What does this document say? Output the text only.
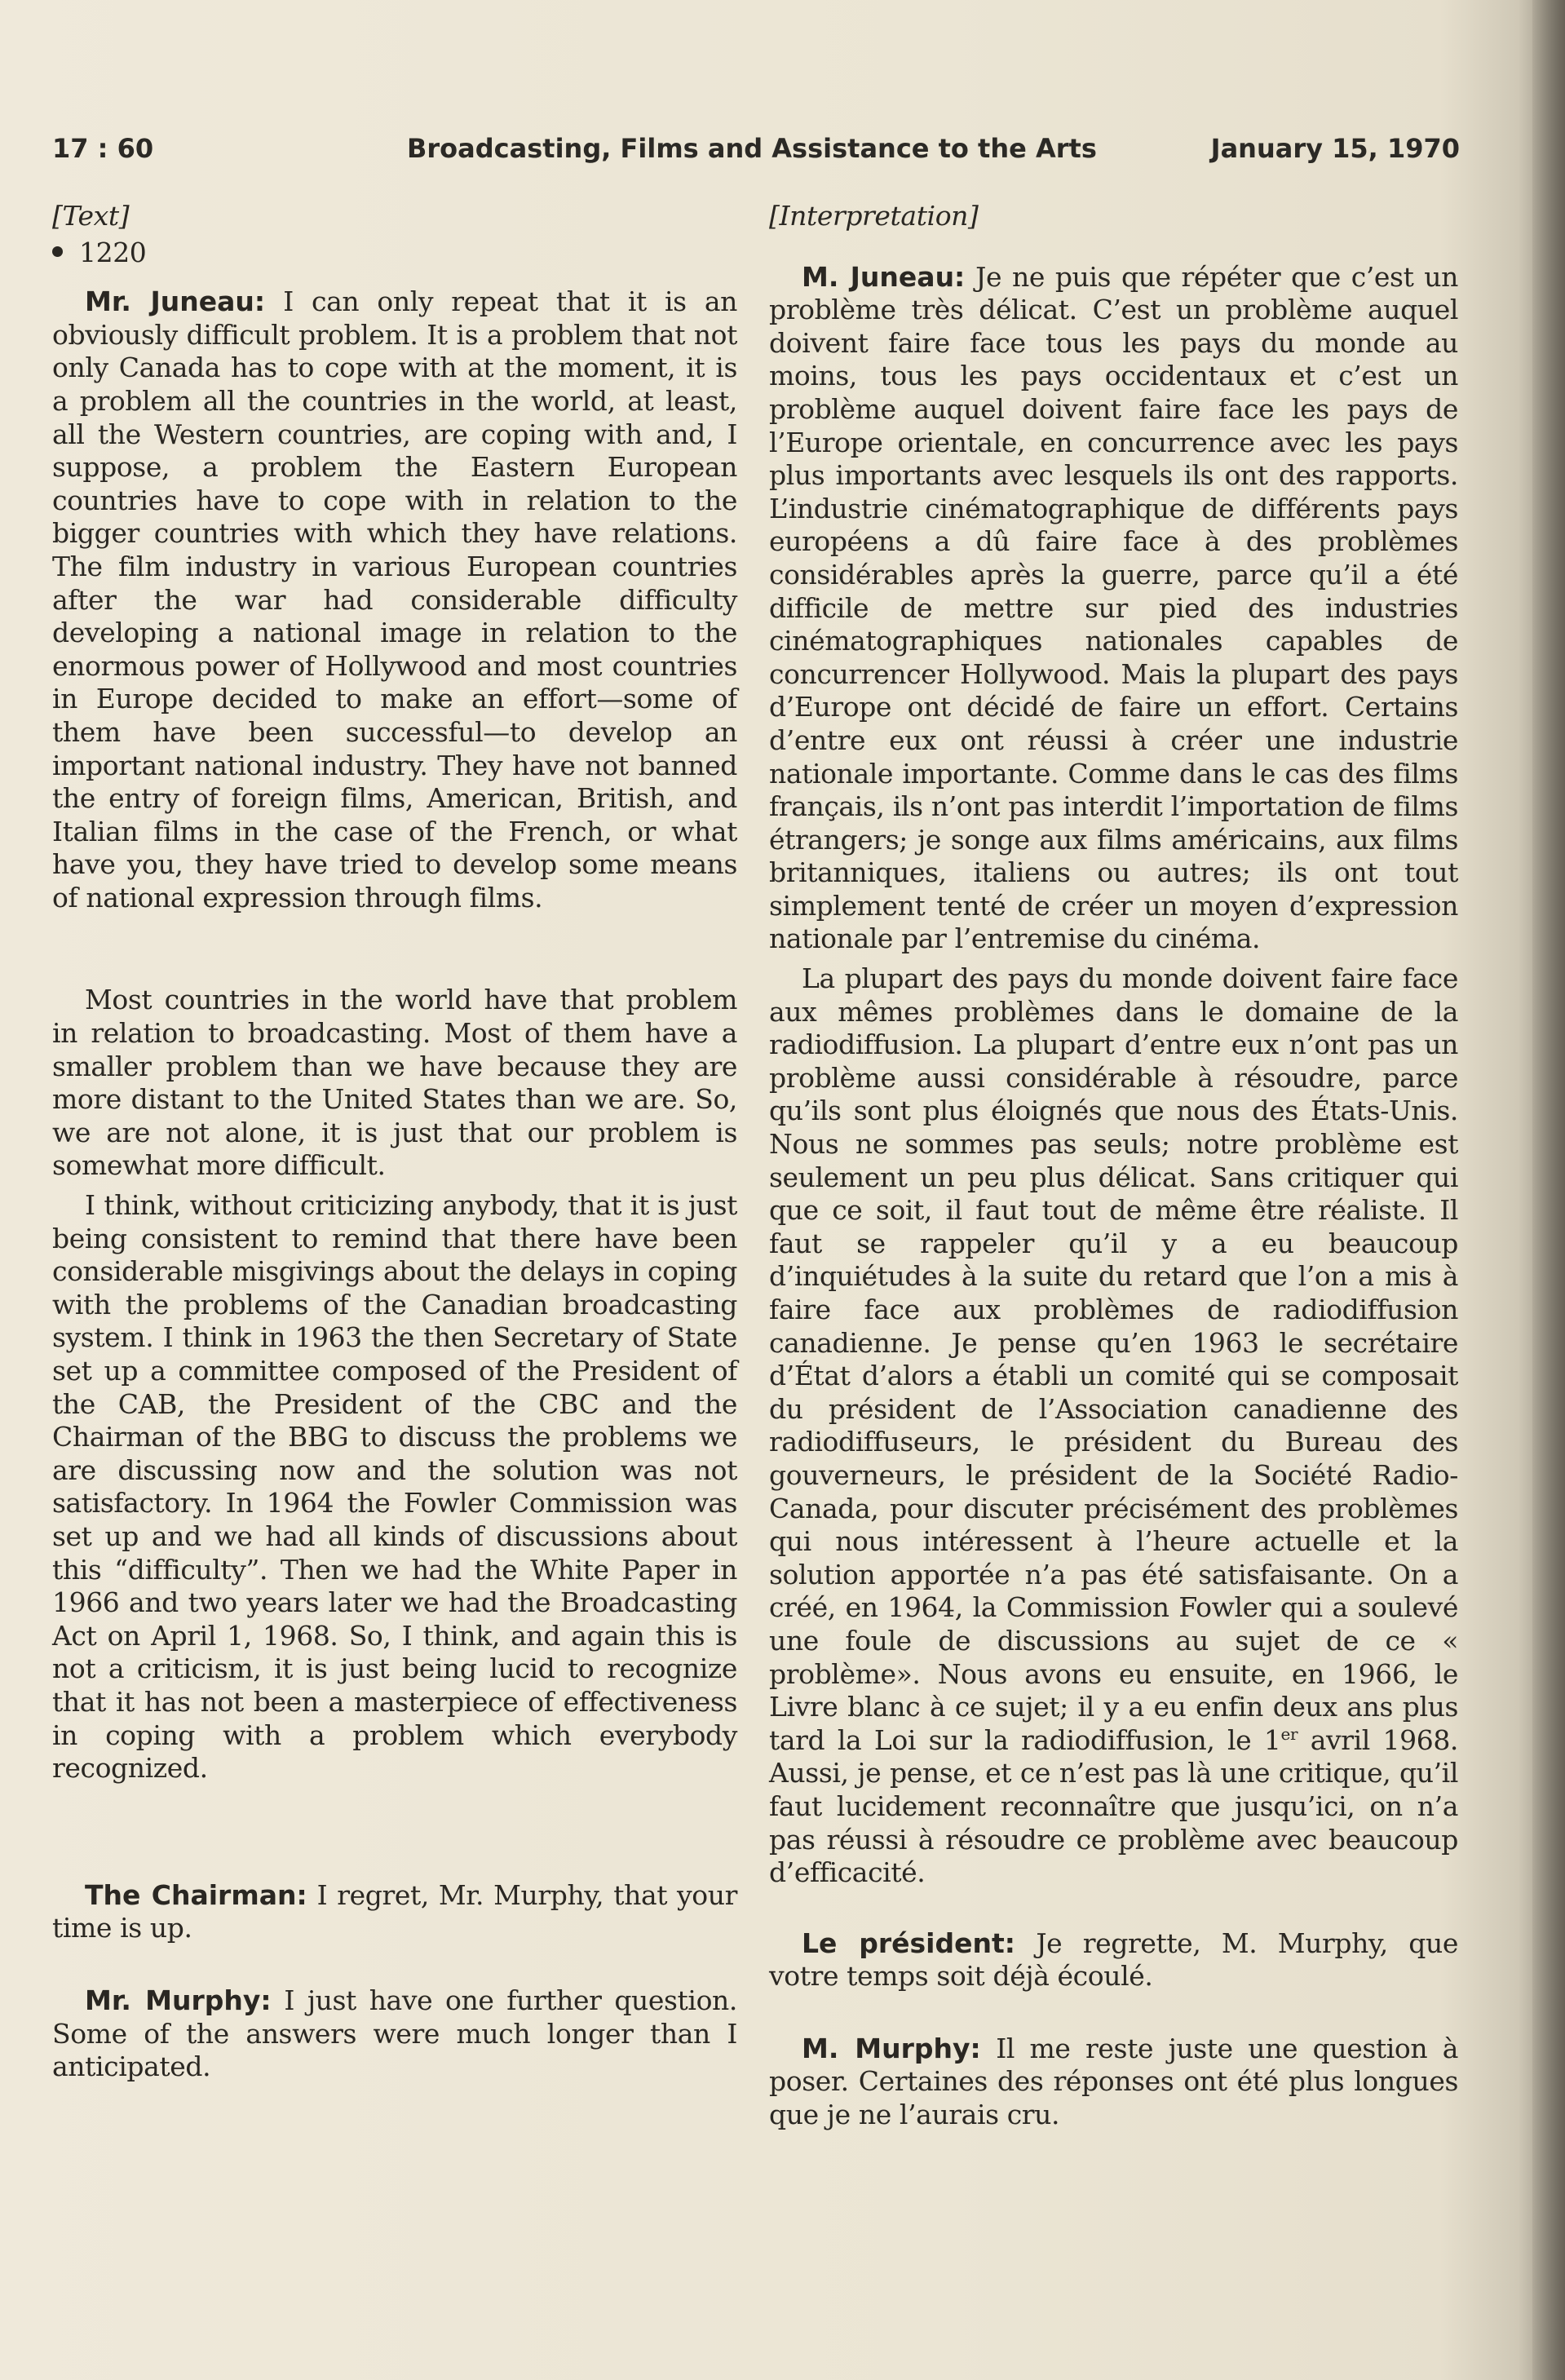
17 : 60	Broadcasting, Films and Assistance to the Arts	January 15, 1970
[Text]
1220

Mr. Juneau: I can only repeat that it is an obviously difficult problem. It is a problem that not only Canada has to cope with at the moment, it is a problem all the countries in the world, at least, all the Western countries, are coping with and, I suppose, a problem the Eastern European countries have to cope with in relation to the bigger countries with which they have relations. The film industry in various European countries after the war had considerable difficulty developing a national image in relation to the enormous power of Hollywood and most countries in Europe decided to make an effort—some of them have been successful—to develop an important national industry. They have not banned the entry of foreign films, American, British, and Italian films in the case of the French, or what have you, they have tried to develop some means of national expression through films.

Most countries in the world have that problem in relation to broadcasting. Most of them have a smaller problem than we have because they are more distant to the United States than we are. So, we are not alone, it is just that our problem is somewhat more difficult.

I think, without criticizing anybody, that it is just being consistent to remind that there have been considerable misgivings about the delays in coping with the problems of the Canadian broadcasting system. I think in 1963 the then Secretary of State set up a committee composed of the President of the CAB, the President of the CBC and the Chairman of the BBG to discuss the problems we are discussing now and the solution was not satisfactory. In 1964 the Fowler Commission was set up and we had all kinds of discussions about this “difficulty”. Then we had the White Paper in 1966 and two years later we had the Broadcasting Act on April 1, 1968. So, I think, and again this is not a criticism, it is just being lucid to recognize that it has not been a masterpiece of effectiveness in coping with a problem which everybody recognized.

The Chairman: I regret, Mr. Murphy, that your time is up.

Mr. Murphy: I just have one further question. Some of the answers were much longer than I anticipated.

[Interpretation]

M. Juneau: Je ne puis que répéter que c’est un problème très délicat. C’est un problème auquel doivent faire face tous les pays du monde au moins, tous les pays occidentaux et c’est un problème auquel doivent faire face les pays de l’Europe orientale, en concurrence avec les pays plus importants avec lesquels ils ont des rapports. L’industrie cinématographique de différents pays européens a dû faire face à des problèmes considérables après la guerre, parce qu’il a été difficile de mettre sur pied des industries cinématographiques nationales capables de concurrencer Hollywood. Mais la plupart des pays d’Europe ont décidé de faire un effort. Certains d’entre eux ont réussi à créer une industrie nationale importante. Comme dans le cas des films français, ils n’ont pas interdit l’importation de films étrangers; je songe aux films américains, aux films britanniques, italiens ou autres; ils ont tout simplement tenté de créer un moyen d’expression nationale par l’entremise du cinéma.

La plupart des pays du monde doivent faire face aux mêmes problèmes dans le domaine de la radiodiffusion. La plupart d’entre eux n’ont pas un problème aussi considérable à résoudre, parce qu’ils sont plus éloignés que nous des États-Unis. Nous ne sommes pas seuls; notre problème est seulement un peu plus délicat. Sans critiquer qui que ce soit, il faut tout de même être réaliste. Il faut se rappeler qu’il y a eu beaucoup d’inquiétudes à la suite du retard que l’on a mis à faire face aux problèmes de radiodiffusion canadienne. Je pense qu’en 1963 le secrétaire d’État d’alors a établi un comité qui se composait du président de l’Association canadienne des radiodiffuseurs, le président du Bureau des gouverneurs, le président de la Société Radio-Canada, pour discuter précisément des problèmes qui nous intéressent à l’heure actuelle et la solution apportée n’a pas été satisfaisante. On a créé, en 1964, la Commission Fowler qui a soulevé une foule de discussions au sujet de ce « problème». Nous avons eu ensuite, en 1966, le Livre blanc à ce sujet; il y a eu enfin deux ans plus tard la Loi sur la radiodiffusion, le 1er avril 1968. Aussi, je pense, et ce n’est pas là une critique, qu’il faut lucidement reconnaître que jusqu’ici, on n’a pas réussi à résoudre ce problème avec beaucoup d’efficacité.

Le président: Je regrette, M. Murphy, que votre temps soit déjà écoulé.

M. Murphy: Il me reste juste une question à poser. Certaines des réponses ont été plus longues que je ne l’aurais cru.
